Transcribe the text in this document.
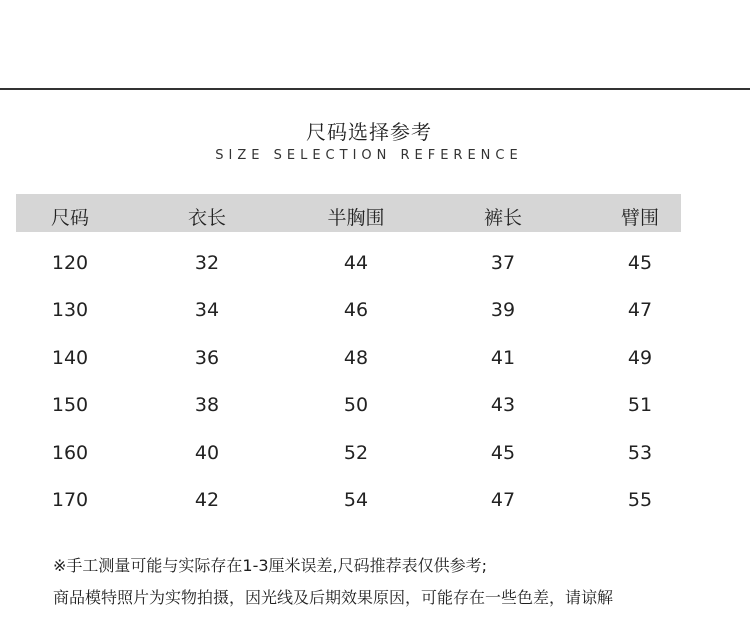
尺码选择参考
SIZE SELECTION REFERENCE
尺码	衣长	半胸围	裤长	臂围
120	32	44	37	45
130	34	46	39	47
140	36	48	41	49
150	38	50	43	51
160	40	52	45	53
170	42	54	47	55
※手工测量可能与实际存在1-3厘米误差,尺码推荐表仅供参考;
商品模特照片为实物拍摄，因光线及后期效果原因，可能存在一些色差，请谅解
